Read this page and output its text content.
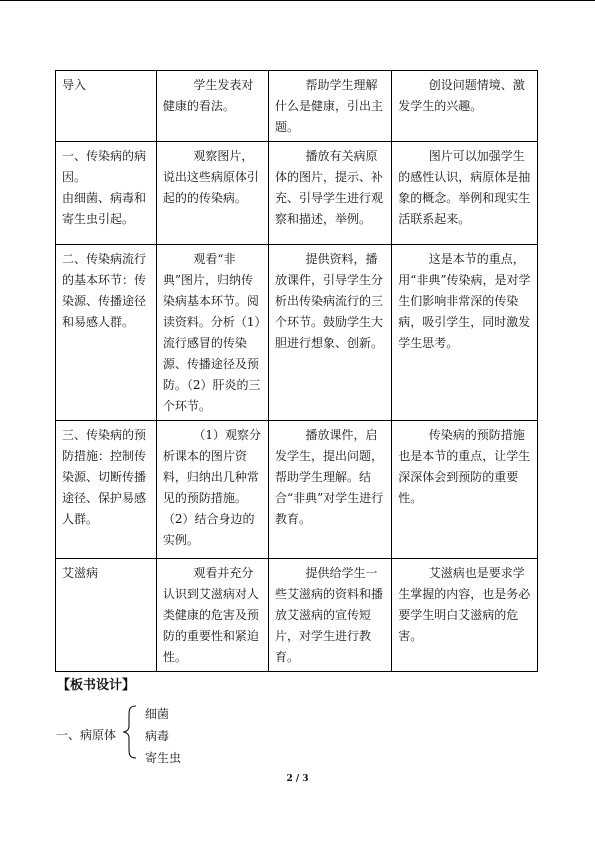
导入	学生发表对健康的看法。	帮助学生理解什么是健康，引出主题。	创设问题情境、激发学生的兴趣。

一、传染病的病因。
由细菌、病毒和寄生虫引起。	观察图片，说出这些病原体引起的的传染病。	播放有关病原体的图片，提示、补充、引导学生进行观察和描述，举例。	图片可以加强学生的感性认识，病原体是抽象的概念。举例和现实生活联系起来。

二、传染病流行的基本环节：传染源、传播途径和易感人群。	观看“非典”图片，归纳传染病基本环节。阅读资料。分析（1）流行感冒的传染源、传播途径及预防。（2）肝炎的三个环节。	提供资料，播放课件，引导学生分析出传染病流行的三个环节。鼓励学生大胆进行想象、创新。	这是本节的重点，用“非典”传染病，是对学生们影响非常深的传染病，吸引学生，同时激发学生思考。

三、传染病的预防措施：控制传染源、切断传播途径、保护易感人群。	（1）观察分析课本的图片资料，归纳出几种常见的预防措施。
（2）结合身边的实例。	播放课件，启发学生，提出问题，帮助学生理解。结合“非典”对学生进行教育。	传染病的预防措施也是本节的重点，让学生深深体会到预防的重要性。

艾滋病	观看并充分认识到艾滋病对人类健康的危害及预防的重要性和紧迫性。	提供给学生一些艾滋病的资料和播放艾滋病的宣传短片，对学生进行教育。	艾滋病也是要求学生掌握的内容，也是务必要学生明白艾滋病的危害。
【板书设计】
一、病原体
细菌
病毒
寄生虫
2 / 3
